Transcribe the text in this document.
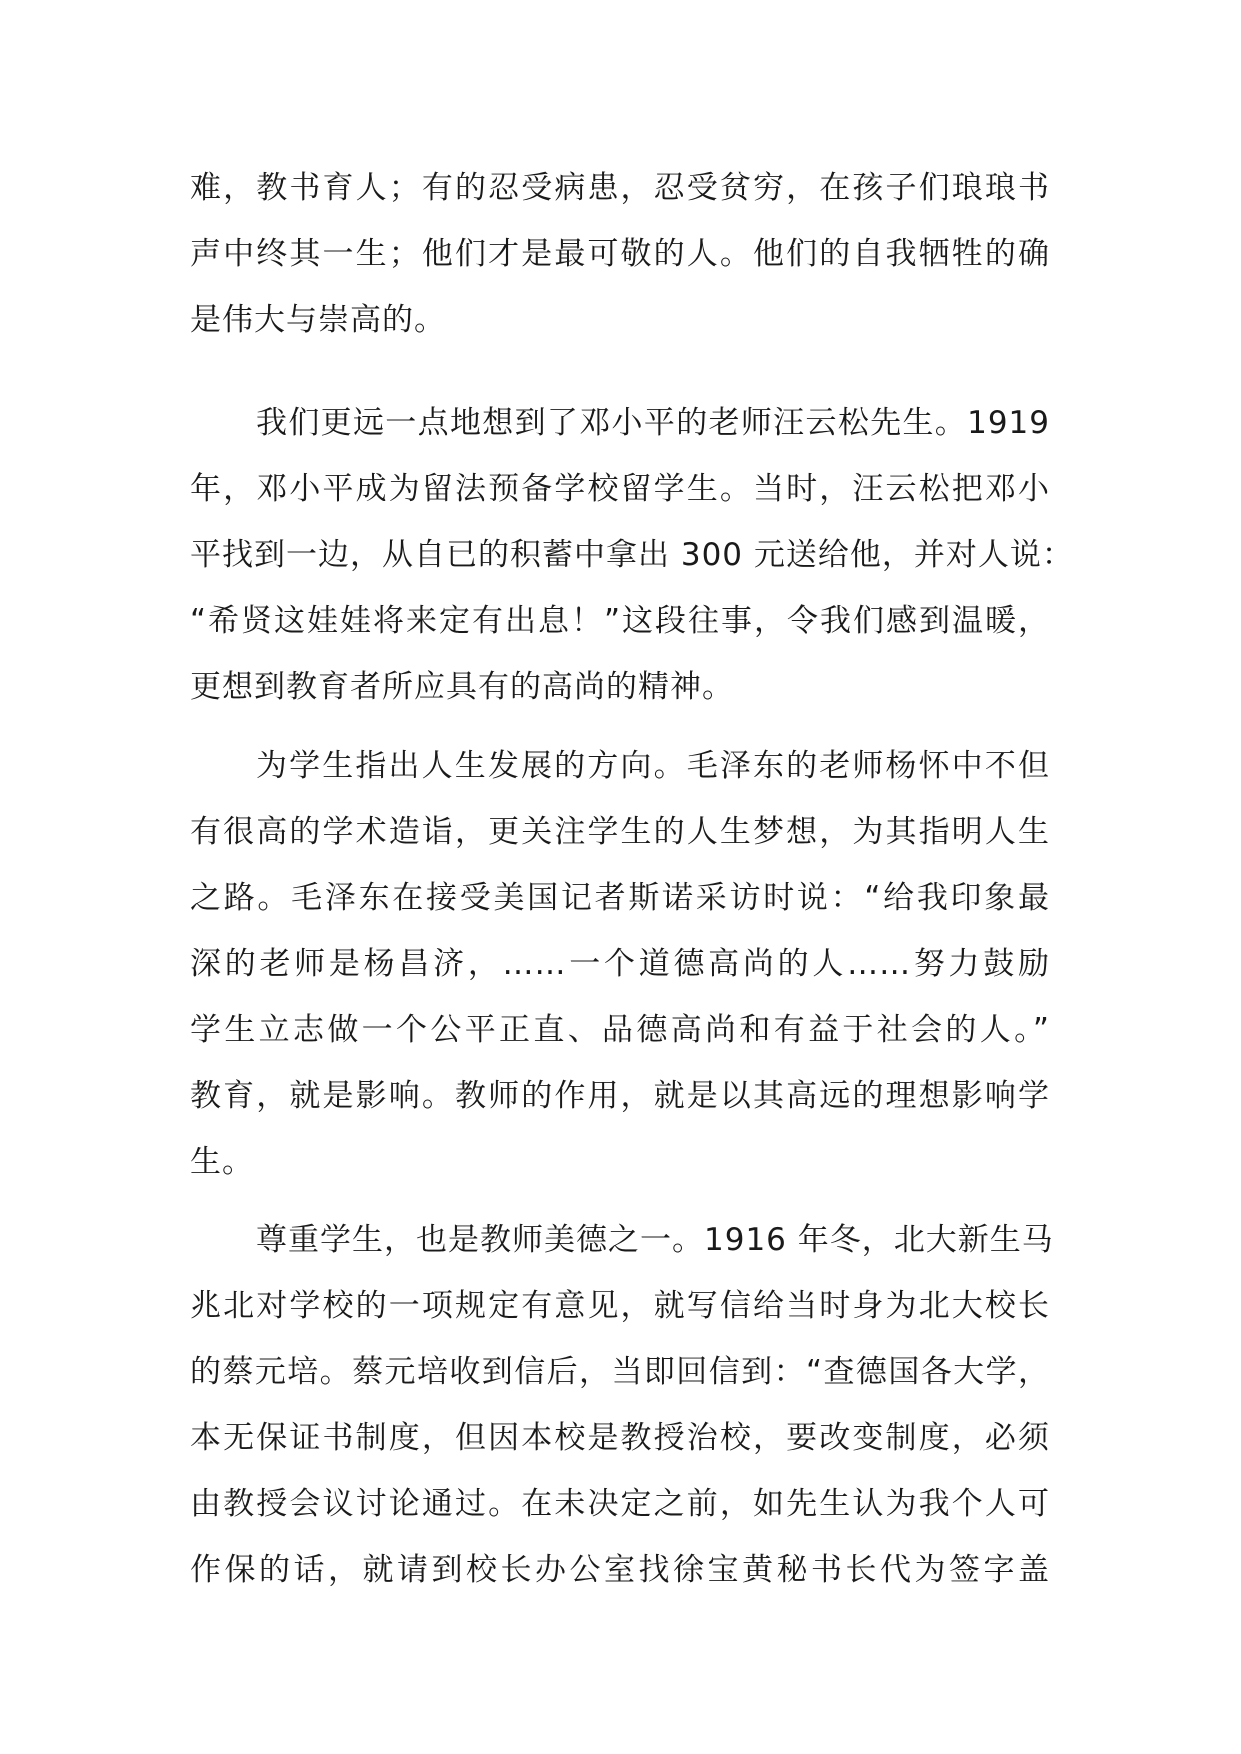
难，教书育人；有的忍受病患，忍受贫穷，在孩子们琅琅书
声中终其一生；他们才是最可敬的人。他们的自我牺牲的确
是伟大与崇高的。
我们更远一点地想到了邓小平的老师汪云松先生。1919
年，邓小平成为留法预备学校留学生。当时，汪云松把邓小
平找到一边，从自已的积蓄中拿出 300 元送给他，并对人说：
“希贤这娃娃将来定有出息！”这段往事，令我们感到温暖，
更想到教育者所应具有的高尚的精神。
为学生指出人生发展的方向。毛泽东的老师杨怀中不但
有很高的学术造诣，更关注学生的人生梦想，为其指明人生
之路。毛泽东在接受美国记者斯诺采访时说：“给我印象最
深的老师是杨昌济，……一个道德高尚的人……努力鼓励
学生立志做一个公平正直、品德高尚和有益于社会的人。”
教育，就是影响。教师的作用，就是以其高远的理想影响学
生。
尊重学生，也是教师美德之一。1916 年冬，北大新生马
兆北对学校的一项规定有意见，就写信给当时身为北大校长
的蔡元培。蔡元培收到信后，当即回信到：“查德国各大学，
本无保证书制度，但因本校是教授治校，要改变制度，必须
由教授会议讨论通过。在未决定之前，如先生认为我个人可
作保的话，就请到校长办公室找徐宝黄秘书长代为签字盖
